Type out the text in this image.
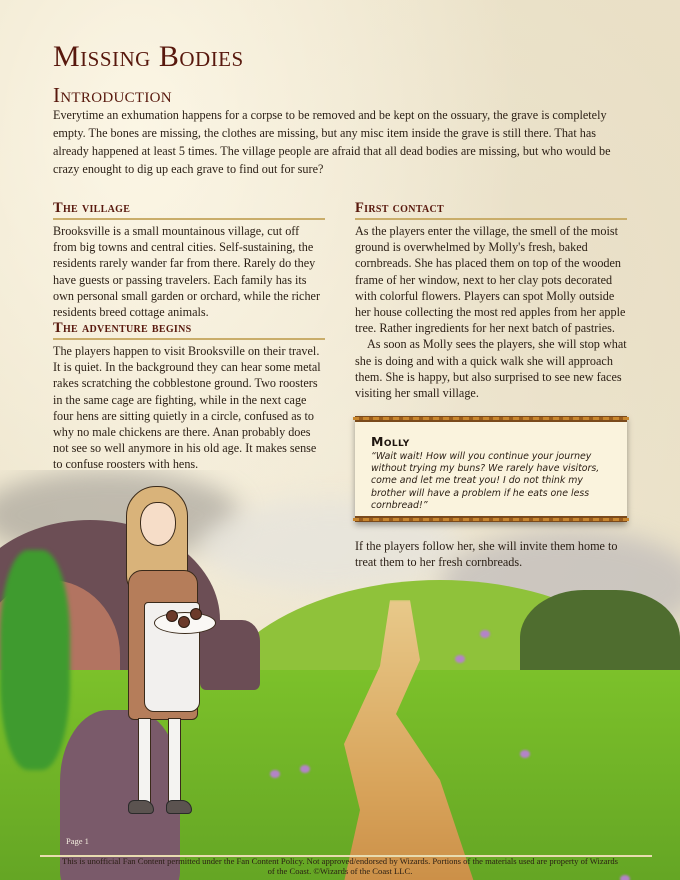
Missing Bodies
Introduction

Everytime an exhumation happens for a corpse to be removed and be kept on the ossuary, the grave is completely empty. The bones are missing, the clothes are missing, but any misc item inside the grave is still there. That has already happened at least 5 times. The village people are afraid that all dead bodies are missing, but who would be crazy enought to dig up each grave to find out for sure?

The village

Brooksville is a small mountainous village, cut off from big towns and central cities. Self-sustaining, the residents rarely wander far from there. Rarely do they have guests or passing travelers. Each family has its own personal small garden or orchard, while the richer residents breed cottage animals.

The adventure begins

The players happen to visit Brooksville on their travel. It is quiet. In the background they can hear some metal rakes scratching the cobblestone ground. Two roosters in the same cage are fighting, while in the next cage four hens are sitting quietly in a circle, confused as to why no male chickens are there. Anan probably does not see so well anymore in his old age. It makes sense to confuse roosters with hens.

First contact

As the players enter the village, the smell of the moist ground is overwhelmed by Molly's fresh, baked cornbreads. She has placed them on top of the wooden frame of her window, next to her clay pots decorated with colorful flowers. Players can spot Molly outside her house collecting the most red apples from her apple tree. Rather ingredients for her next batch of pastries.

As soon as Molly sees the players, she will stop what she is doing and with a quick walk she will approach them. She is happy, but also surprised to see new faces visiting her small village.

Molly

“Wait wait! How will you continue your journey without trying my buns? We rarely have visitors, come and let me treat you! I do not think my brother will have a problem if he eats one less cornbread!”

If the players follow her, she will invite them home to treat them to her fresh cornbreads.

Page 1
This is unofficial Fan Content permitted under the Fan Content Policy. Not approved/endorsed by Wizards. Portions of the materials used are property of Wizards of the Coast. ©Wizards of the Coast LLC.
